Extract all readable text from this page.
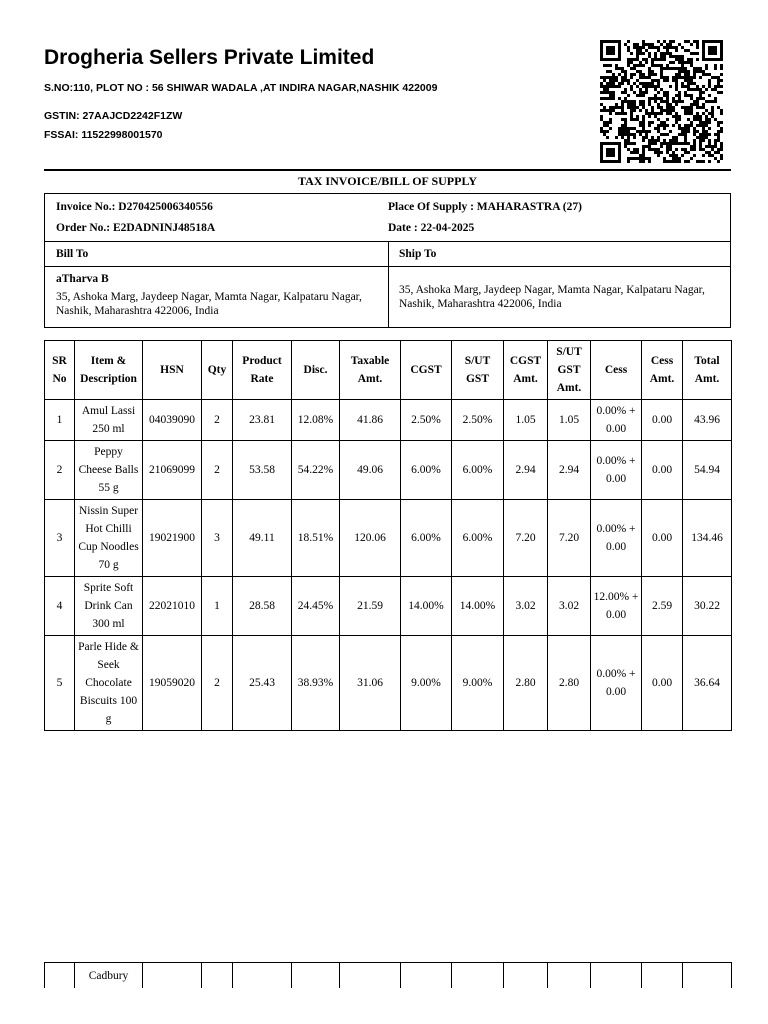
Drogheria Sellers Private Limited
S.NO:110, PLOT NO : 56 SHIWAR WADALA ,AT INDIRA NAGAR,NASHIK 422009
GSTIN: 27AAJCD2242F1ZW
FSSAI: 11522998001570
TAX INVOICE/BILL OF SUPPLY
Invoice No.: D270425006340556
Order No.: E2DADNINJ48518A
Place Of Supply : MAHARASTRA (27)
Date : 22-04-2025
Bill To	Ship To
aTharva B
35, Ashoka Marg, Jaydeep Nagar, Mamta Nagar, Kalpataru Nagar, Nashik, Maharashtra 422006, India
35, Ashoka Marg, Jaydeep Nagar, Mamta Nagar, Kalpataru Nagar, Nashik, Maharashtra 422006, India
SR No	Item & Description	HSN	Qty	Product Rate	Disc.	Taxable Amt.	CGST	S/UT GST	CGST Amt.	S/UT GST Amt.	Cess	Cess Amt.	Total Amt.
1	Amul Lassi 250 ml	04039090	2	23.81	12.08%	41.86	2.50%	2.50%	1.05	1.05	0.00% + 0.00	0.00	43.96
2	Peppy Cheese Balls 55 g	21069099	2	53.58	54.22%	49.06	6.00%	6.00%	2.94	2.94	0.00% + 0.00	0.00	54.94
3	Nissin Super Hot Chilli Cup Noodles 70 g	19021900	3	49.11	18.51%	120.06	6.00%	6.00%	7.20	7.20	0.00% + 0.00	0.00	134.46
4	Sprite Soft Drink Can 300 ml	22021010	1	28.58	24.45%	21.59	14.00%	14.00%	3.02	3.02	12.00% + 0.00	2.59	30.22
5	Parle Hide & Seek Chocolate Biscuits 100 g	19059020	2	25.43	38.93%	31.06	9.00%	9.00%	2.80	2.80	0.00% + 0.00	0.00	36.64
	Cadbury												
